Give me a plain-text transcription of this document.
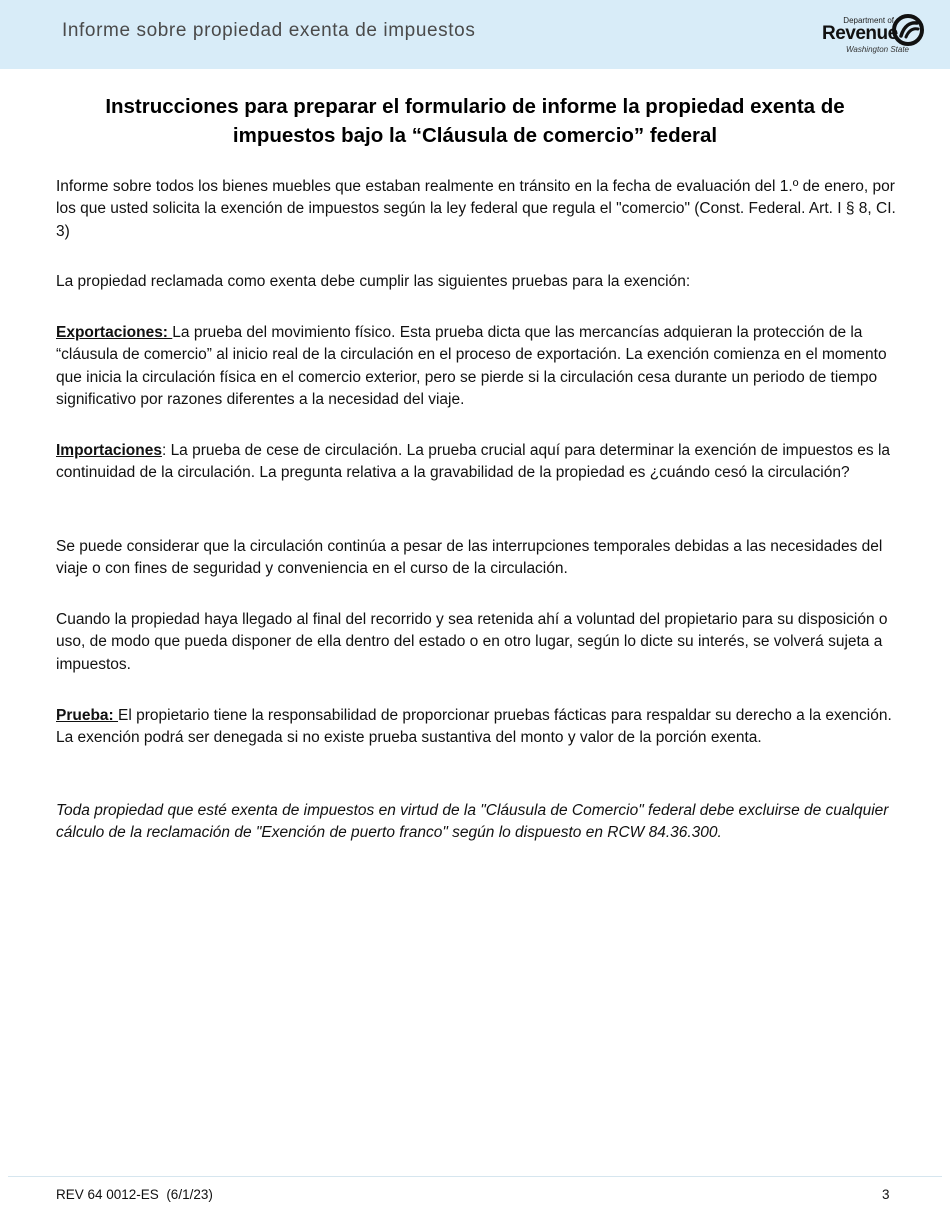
Informe sobre propiedad exenta de impuestos	Department of
Revenue
Washington State
Instrucciones para preparar el formulario de informe la propiedad exenta de impuestos bajo la “Cláusula de comercio” federal
Informe sobre todos los bienes muebles que estaban realmente en tránsito en la fecha de evaluación del 1.º de enero, por los que usted solicita la exención de impuestos según la ley federal que regula el "comercio" (Const. Federal. Art. I § 8, CI. 3)
La propiedad reclamada como exenta debe cumplir las siguientes pruebas para la exención:
Exportaciones: La prueba del movimiento físico. Esta prueba dicta que las mercancías adquieran la protección de la “cláusula de comercio” al inicio real de la circulación en el proceso de exportación. La exención comienza en el momento que inicia la circulación física en el comercio exterior, pero se pierde si la circulación cesa durante un periodo de tiempo significativo por razones diferentes a la necesidad del viaje.
Importaciones: La prueba de cese de circulación. La prueba crucial aquí para determinar la exención de impuestos es la continuidad de la circulación. La pregunta relativa a la gravabilidad de la propiedad es ¿cuándo cesó la circulación?
Se puede considerar que la circulación continúa a pesar de las interrupciones temporales debidas a las necesidades del viaje o con fines de seguridad y conveniencia en el curso de la circulación.
Cuando la propiedad haya llegado al final del recorrido y sea retenida ahí a voluntad del propietario para su disposición o uso, de modo que pueda disponer de ella dentro del estado o en otro lugar, según lo dicte su interés, se volverá sujeta a impuestos.
Prueba: El propietario tiene la responsabilidad de proporcionar pruebas fácticas para respaldar su derecho a la exención. La exención podrá ser denegada si no existe prueba sustantiva del monto y valor de la porción exenta.
Toda propiedad que esté exenta de impuestos en virtud de la "Cláusula de Comercio" federal debe excluirse de cualquier cálculo de la reclamación de "Exención de puerto franco" según lo dispuesto en RCW 84.36.300.
REV 64 0012-ES  (6/1/23)	3
